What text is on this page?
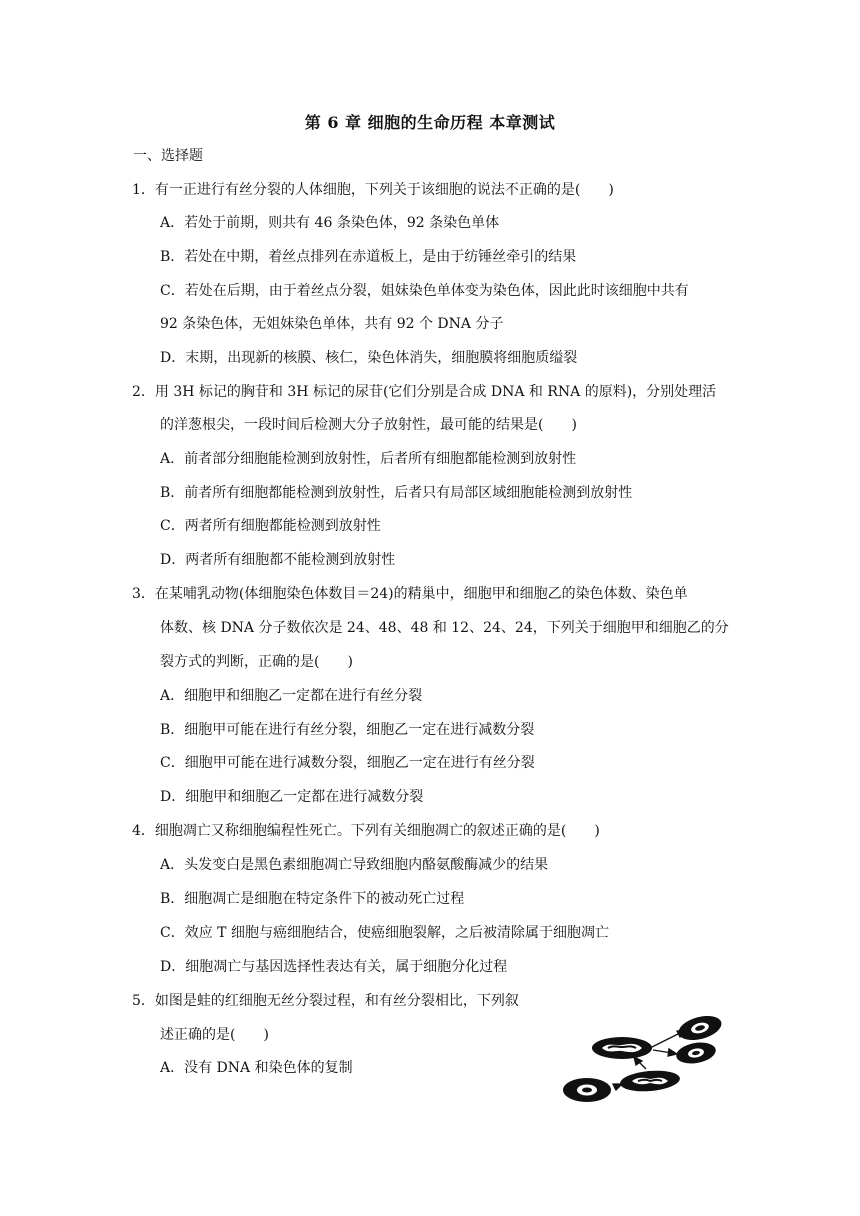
第 6 章 细胞的生命历程 本章测试
一、选择题
1．有一正进行有丝分裂的人体细胞，下列关于该细胞的说法不正确的是(　　)
A．若处于前期，则共有 46 条染色体，92 条染色单体
B．若处在中期，着丝点排列在赤道板上，是由于纺锤丝牵引的结果
C．若处在后期，由于着丝点分裂，姐妹染色单体变为染色体，因此此时该细胞中共有
92 条染色体，无姐妹染色单体，共有 92 个 DNA 分子
D．末期，出现新的核膜、核仁，染色体消失，细胞膜将细胞质缢裂
2．用 3H 标记的胸苷和 3H 标记的尿苷(它们分别是合成 DNA 和 RNA 的原料)，分别处理活
的洋葱根尖，一段时间后检测大分子放射性，最可能的结果是(　　)
A．前者部分细胞能检测到放射性，后者所有细胞都能检测到放射性
B．前者所有细胞都能检测到放射性，后者只有局部区域细胞能检测到放射性
C．两者所有细胞都能检测到放射性
D．两者所有细胞都不能检测到放射性
3．在某哺乳动物(体细胞染色体数目＝24)的精巢中，细胞甲和细胞乙的染色体数、染色单
体数、核 DNA 分子数依次是 24、48、48 和 12、24、24，下列关于细胞甲和细胞乙的分
裂方式的判断，正确的是(　　)
A．细胞甲和细胞乙一定都在进行有丝分裂
B．细胞甲可能在进行有丝分裂，细胞乙一定在进行减数分裂
C．细胞甲可能在进行减数分裂，细胞乙一定在进行有丝分裂
D．细胞甲和细胞乙一定都在进行减数分裂
4．细胞凋亡又称细胞编程性死亡。下列有关细胞凋亡的叙述正确的是(　　)
A．头发变白是黑色素细胞凋亡导致细胞内酪氨酸酶减少的结果
B．细胞凋亡是细胞在特定条件下的被动死亡过程
C．效应 T 细胞与癌细胞结合，使癌细胞裂解，之后被清除属于细胞凋亡
D．细胞凋亡与基因选择性表达有关，属于细胞分化过程
5．如图是蛙的红细胞无丝分裂过程，和有丝分裂相比，下列叙
述正确的是(　　)
A．没有 DNA 和染色体的复制
